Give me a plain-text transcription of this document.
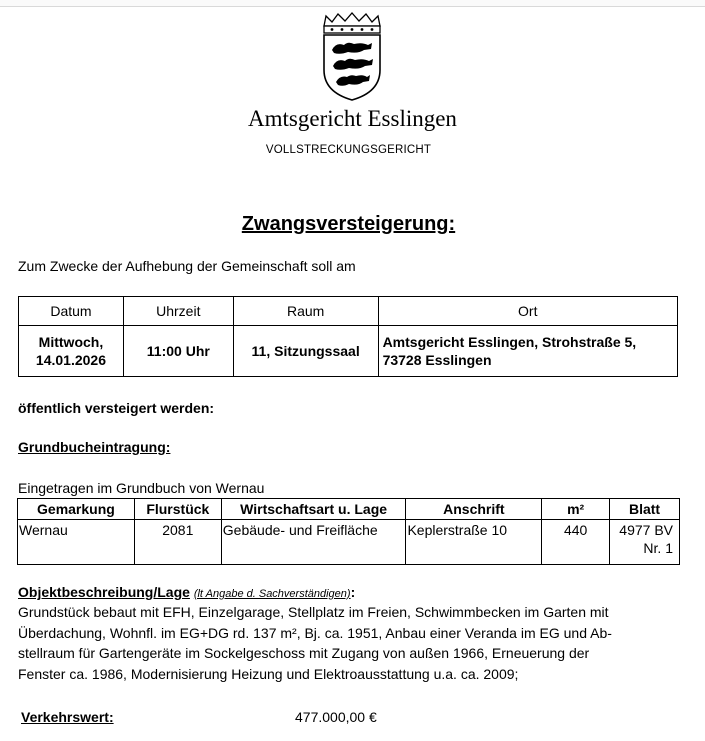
Amtsgericht Esslingen
VOLLSTRECKUNGSGERICHT
Zwangsversteigerung:
Zum Zwecke der Aufhebung der Gemeinschaft soll am
Datum	Uhrzeit	Raum	Ort
Mittwoch,
14.01.2026	11:00 Uhr	11, Sitzungssaal	Amtsgericht Esslingen, Strohstraße 5,
73728 Esslingen
öffentlich versteigert werden:
Grundbucheintragung:
Eingetragen im Grundbuch von Wernau
Gemarkung	Flurstück	Wirtschaftsart u. Lage	Anschrift	m²	Blatt
Wernau	2081	Gebäude- und Freifläche	Keplerstraße 10	440	4977 BV
Nr. 1
Objektbeschreibung/Lage (lt Angabe d. Sachverständigen):
Grundstück bebaut mit EFH, Einzelgarage, Stellplatz im Freien, Schwimmbecken im Garten mit
Überdachung, Wohnfl. im EG+DG rd. 137 m², Bj. ca. 1951, Anbau einer Veranda im EG und Ab-
stellraum für Gartengeräte im Sockelgeschoss mit Zugang von außen 1966, Erneuerung der
Fenster ca. 1986, Modernisierung Heizung und Elektroausstattung u.a. ca. 2009;
Verkehrswert:	477.000,00 €
